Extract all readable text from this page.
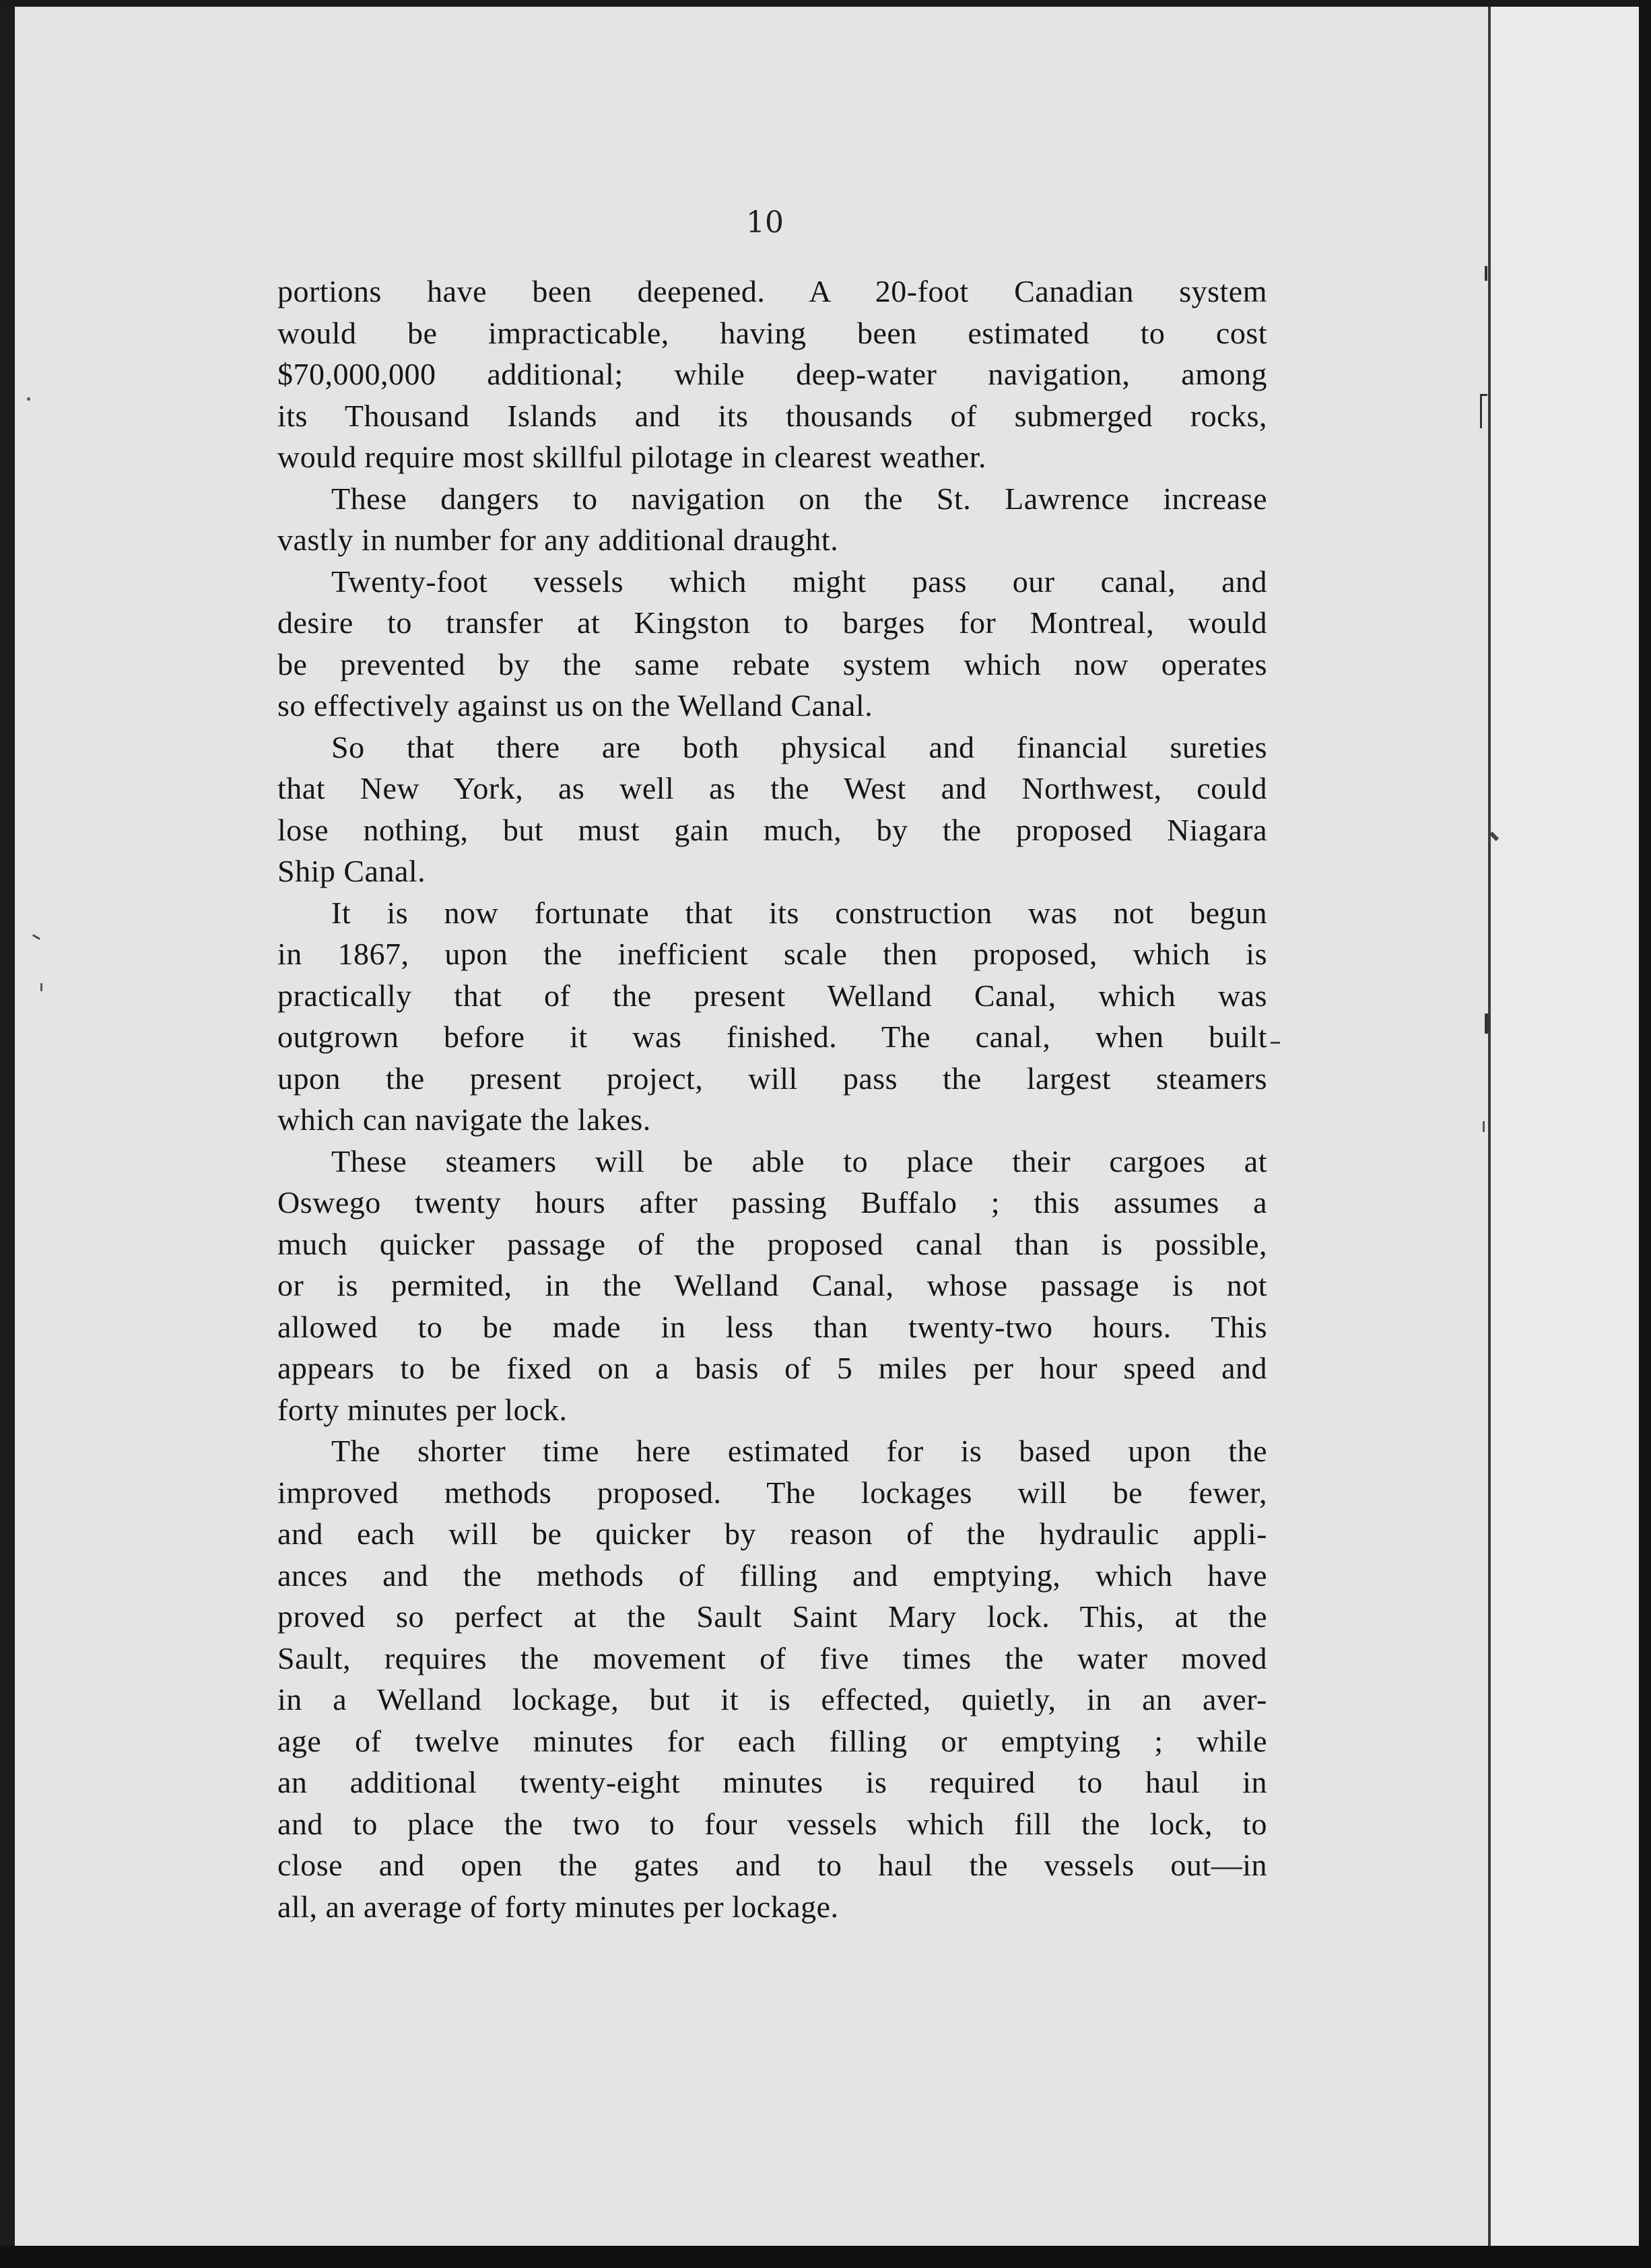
10
portions have been deepened. A 20-foot Canadian system
would be impracticable, having been estimated to cost
$70,000,000 additional; while deep-water navigation, among
its Thousand Islands and its thousands of submerged rocks,
would require most skillful pilotage in clearest weather.
These dangers to navigation on the St. Lawrence increase
vastly in number for any additional draught.
Twenty-foot vessels which might pass our canal, and
desire to transfer at Kingston to barges for Montreal, would
be prevented by the same rebate system which now operates
so effectively against us on the Welland Canal.
So that there are both physical and financial sureties
that New York, as well as the West and Northwest, could
lose nothing, but must gain much, by the proposed Niagara
Ship Canal.
It is now fortunate that its construction was not begun
in 1867, upon the inefficient scale then proposed, which is
practically that of the present Welland Canal, which was
outgrown before it was finished. The canal, when built
upon the present project, will pass the largest steamers
which can navigate the lakes.
These steamers will be able to place their cargoes at
Oswego twenty hours after passing Buffalo ; this assumes a
much quicker passage of the proposed canal than is possible,
or is permited, in the Welland Canal, whose passage is not
allowed to be made in less than twenty-two hours. This
appears to be fixed on a basis of 5 miles per hour speed and
forty minutes per lock.
The shorter time here estimated for is based upon the
improved methods proposed. The lockages will be fewer,
and each will be quicker by reason of the hydraulic appli-
ances and the methods of filling and emptying, which have
proved so perfect at the Sault Saint Mary lock. This, at the
Sault, requires the movement of five times the water moved
in a Welland lockage, but it is effected, quietly, in an aver-
age of twelve minutes for each filling or emptying ; while
an additional twenty-eight minutes is required to haul in
and to place the two to four vessels which fill the lock, to
close and open the gates and to haul the vessels out—in
all, an average of forty minutes per lockage.
